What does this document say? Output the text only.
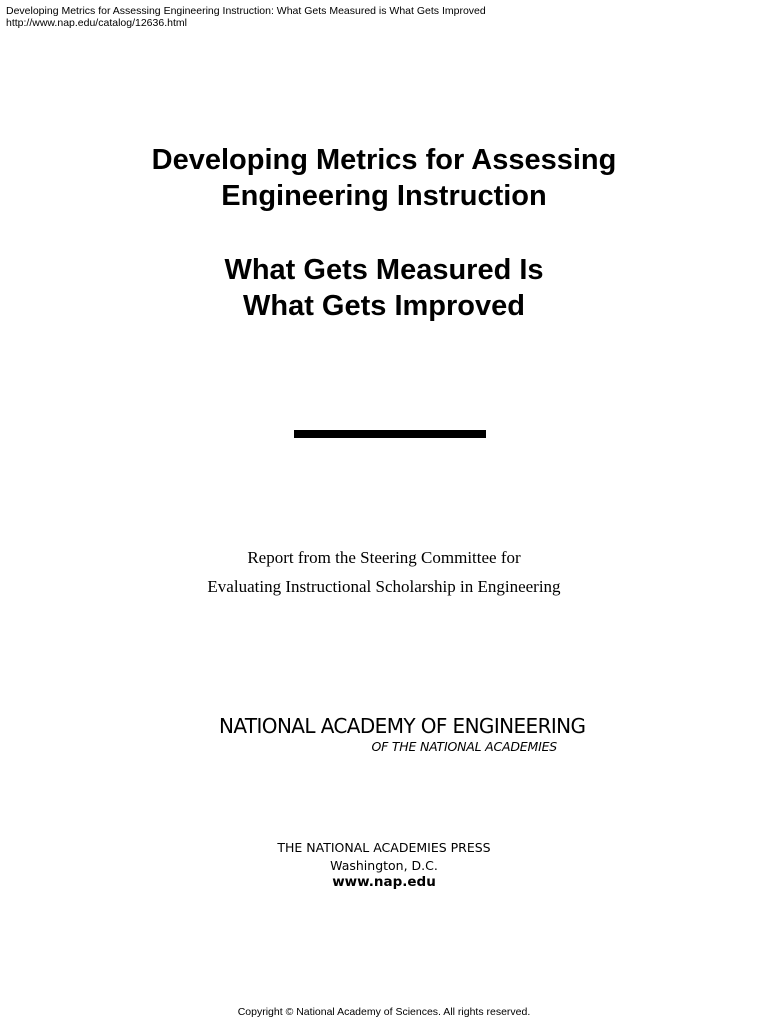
Developing Metrics for Assessing Engineering Instruction: What Gets Measured is What Gets Improved
http://www.nap.edu/catalog/12636.html
Developing Metrics for Assessing
Engineering Instruction
What Gets Measured Is
What Gets Improved
Report from the Steering Committee for
Evaluating Instructional Scholarship in Engineering
NATIONAL ACADEMY OF ENGINEERING
OF THE NATIONAL ACADEMIES
THE NATIONAL ACADEMIES PRESS
Washington, D.C.
www.nap.edu
Copyright © National Academy of Sciences. All rights reserved.
